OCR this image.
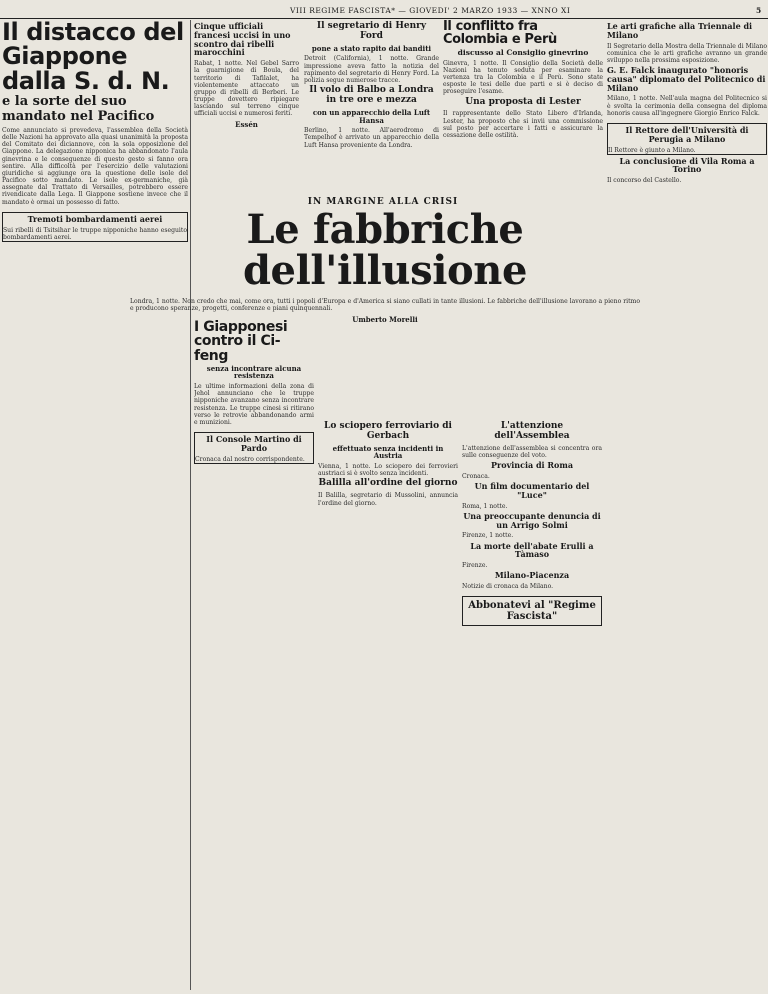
VIII REGIME FASCISTA* — GIOVEDI' 2 MARZO 1933 — XNNO XI	5
Il distacco del Giappone dalla S. d. N.
e la sorte del suo mandato nel Pacifico

Come annunciato si prevedeva, l'assemblea della Società delle Nazioni ha approvato alla quasi unanimità la proposta del Comitato dei diciannove, con la sola opposizione del Giappone. La delegazione nipponica ha abbandonato l'aula ginevrina e le conseguenze di questo gesto si fanno ora sentire. Alla difficoltà per l'esercizio delle valutazioni giuridiche si aggiunge ora la questione delle isole del Pacifico sotto mandato. Le isole ex-germaniche, già assegnate dal Trattato di Versailles, potrebbero essere rivendicate dalla Lega. Il Giappone sostiene invece che il mandato è ormai un possesso di fatto.

Tremoti bombardamenti aerei

Sui ribelli di Tsitsihar le truppe nipponiche hanno eseguito bombardamenti aerei.

Cinque ufficiali francesi uccisi in uno scontro dai ribelli marocchini

Rabat, 1 notte. Nel Gebel Sarro la guarnigione di Boula, del territorio di Tafilalet, ha violentemente attaccato un gruppo di ribelli di Berberi. Le truppe dovettero ripiegare lasciando sul terreno cinque ufficiali uccisi e numerosi feriti.

Essén
Il segretario di Henry Ford
pone a stato rapito dai banditi

Detroit (California), 1 notte. Grande impressione aveva fatto la notizia del rapimento del segretario di Henry Ford. La polizia segue numerose tracce.

Il volo di Balbo a Londra in tre ore e mezza
con un apparecchio della Luft Hansa

Berlino, 1 notte. All'aerodromo di Tempelhof è arrivato un apparecchio della Luft Hansa proveniente da Londra.

Il conflitto fra Colombia e Perù
discusso al Consiglio ginevrino

Ginevra, 1 notte. Il Consiglio della Società delle Nazioni ha tenuto seduta per esaminare la vertenza tra la Colombia e il Perù. Sono state esposte le tesi delle due parti e si è deciso di proseguire l'esame.

Una proposta di Lester

Il rappresentante dello Stato Libero d'Irlanda, Lester, ha proposto che si invii una commissione sul posto per accertare i fatti e assicurare la cessazione delle ostilità.

Le arti grafiche alla Triennale di Milano

Il Segretario della Mostra della Triennale di Milano comunica che le arti grafiche avranno un grande sviluppo nella prossima esposizione.

G. E. Falck inaugurato "honoris causa" diplomato del Politecnico di Milano

Milano, 1 notte. Nell'aula magna del Politecnico si è svolta la cerimonia della consegna del diploma honoris causa all'ingegnere Giorgio Enrico Falck.

Il Rettore dell'Università di Perugia a Milano

Il Rettore è giunto a Milano.

La conclusione di Vila Roma a Torino

Il concorso del Castello.

IN MARGINE ALLA CRISI
Le fabbriche dell'illusione

Londra, 1 notte. Non credo che mai, come ora, tutti i popoli d'Europa e d'America si siano cullati in tante illusioni. Le fabbriche dell'illusione lavorano a pieno ritmo e producono speranze, progetti, conferenze e piani quinquennali.

Umberto Morelli
I Giapponesi contro il Ci-feng
senza incontrare alcuna resistenza

Le ultime informazioni della zona di Jehol annunciano che le truppe nipponiche avanzano senza incontrare resistenza. Le truppe cinesi si ritirano verso le retrovie abbandonando armi e munizioni.

Il Console Martino di Pardo

Cronaca dal nostro corrispondente.

Lo sciopero ferroviario di Gerbach
effettuato senza incidenti in Austria

Vienna, 1 notte. Lo sciopero dei ferrovieri austriaci si è svolto senza incidenti.

Balilla all'ordine del giorno

Il Balilla, segretario di Mussolini, annuncia l'ordine del giorno.

L'attenzione dell'Assemblea

L'attenzione dell'assemblea si concentra ora sulle conseguenze del voto.

Provincia di Roma

Cronaca.

Un film documentario del "Luce"

Roma, 1 notte.

Una preoccupante denuncia di un Arrigo Solmi

Firenze, 1 notte.

La morte dell'abate Erulli a Tàmaso

Firenze.

Milano-Piacenza

Notizie di cronaca da Milano.

Abbonatevi al "Regime Fascista"
